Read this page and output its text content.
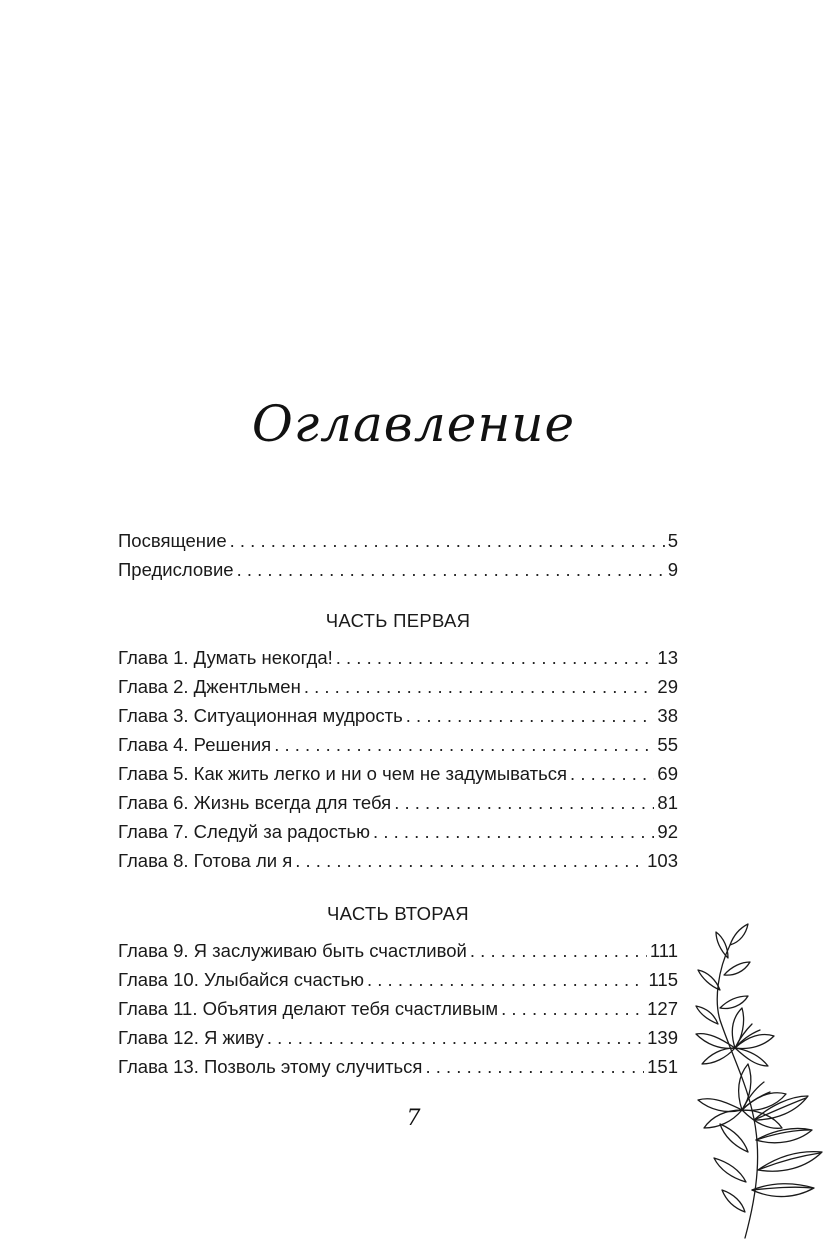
Оглавление
Посвящение . . .	5
Предисловие . . .	9
ЧАСТЬ ПЕРВАЯ
Глава 1. Думать некогда! . . .	13
Глава 2. Джентльмен . . .	29
Глава 3. Ситуационная мудрость . . .	38
Глава 4. Решения . . .	55
Глава 5. Как жить легко и ни о чем не задумываться . . .	69
Глава 6. Жизнь всегда для тебя . . .	81
Глава 7. Следуй за радостью . . .	92
Глава 8. Готова ли я . . .	103
ЧАСТЬ ВТОРАЯ
Глава 9. Я заслуживаю быть счастливой . . .	111
Глава 10. Улыбайся счастью . . .	115
Глава 11. Объятия делают тебя счастливым . . .	127
Глава 12. Я живу . . .	139
Глава 13. Позволь этому случиться . . .	151
7
